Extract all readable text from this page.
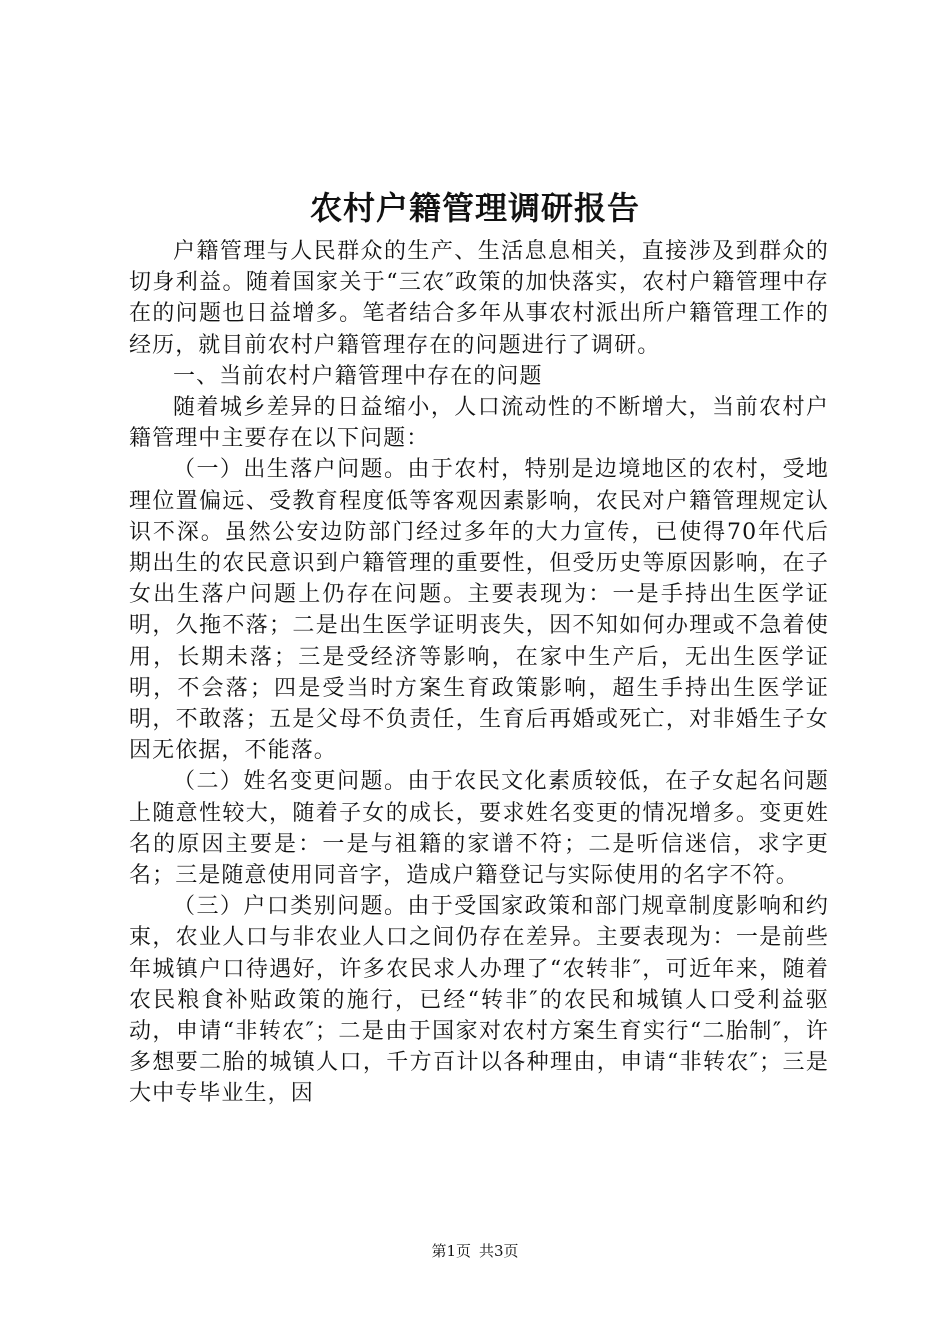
农村户籍管理调研报告

户籍管理与人民群众的生产、生活息息相关，直接涉及到群众的切身利益。随着国家关于“三农″政策的加快落实，农村户籍管理中存在的问题也日益增多。笔者结合多年从事农村派出所户籍管理工作的经历，就目前农村户籍管理存在的问题进行了调研。

一、当前农村户籍管理中存在的问题

随着城乡差异的日益缩小，人口流动性的不断增大，当前农村户籍管理中主要存在以下问题：

（一）出生落户问题。由于农村，特别是边境地区的农村，受地理位置偏远、受教育程度低等客观因素影响，农民对户籍管理规定认识不深。虽然公安边防部门经过多年的大力宣传，已使得70年代后期出生的农民意识到户籍管理的重要性，但受历史等原因影响，在子女出生落户问题上仍存在问题。主要表现为：一是手持出生医学证明，久拖不落；二是出生医学证明丧失，因不知如何办理或不急着使用，长期未落；三是受经济等影响，在家中生产后，无出生医学证明，不会落；四是受当时方案生育政策影响，超生手持出生医学证明，不敢落；五是父母不负责任，生育后再婚或死亡，对非婚生子女因无依据，不能落。

（二）姓名变更问题。由于农民文化素质较低，在子女起名问题上随意性较大，随着子女的成长，要求姓名变更的情况增多。变更姓名的原因主要是：一是与祖籍的家谱不符；二是听信迷信，求字更名；三是随意使用同音字，造成户籍登记与实际使用的名字不符。

（三）户口类别问题。由于受国家政策和部门规章制度影响和约束，农业人口与非农业人口之间仍存在差异。主要表现为：一是前些年城镇户口待遇好，许多农民求人办理了“农转非″，可近年来，随着农民粮食补贴政策的施行，已经“转非″的农民和城镇人口受利益驱动，申请“非转农″；二是由于国家对农村方案生育实行“二胎制″，许多想要二胎的城镇人口，千方百计以各种理由，申请“非转农″；三是大中专毕业生，因

第1页 共3页
